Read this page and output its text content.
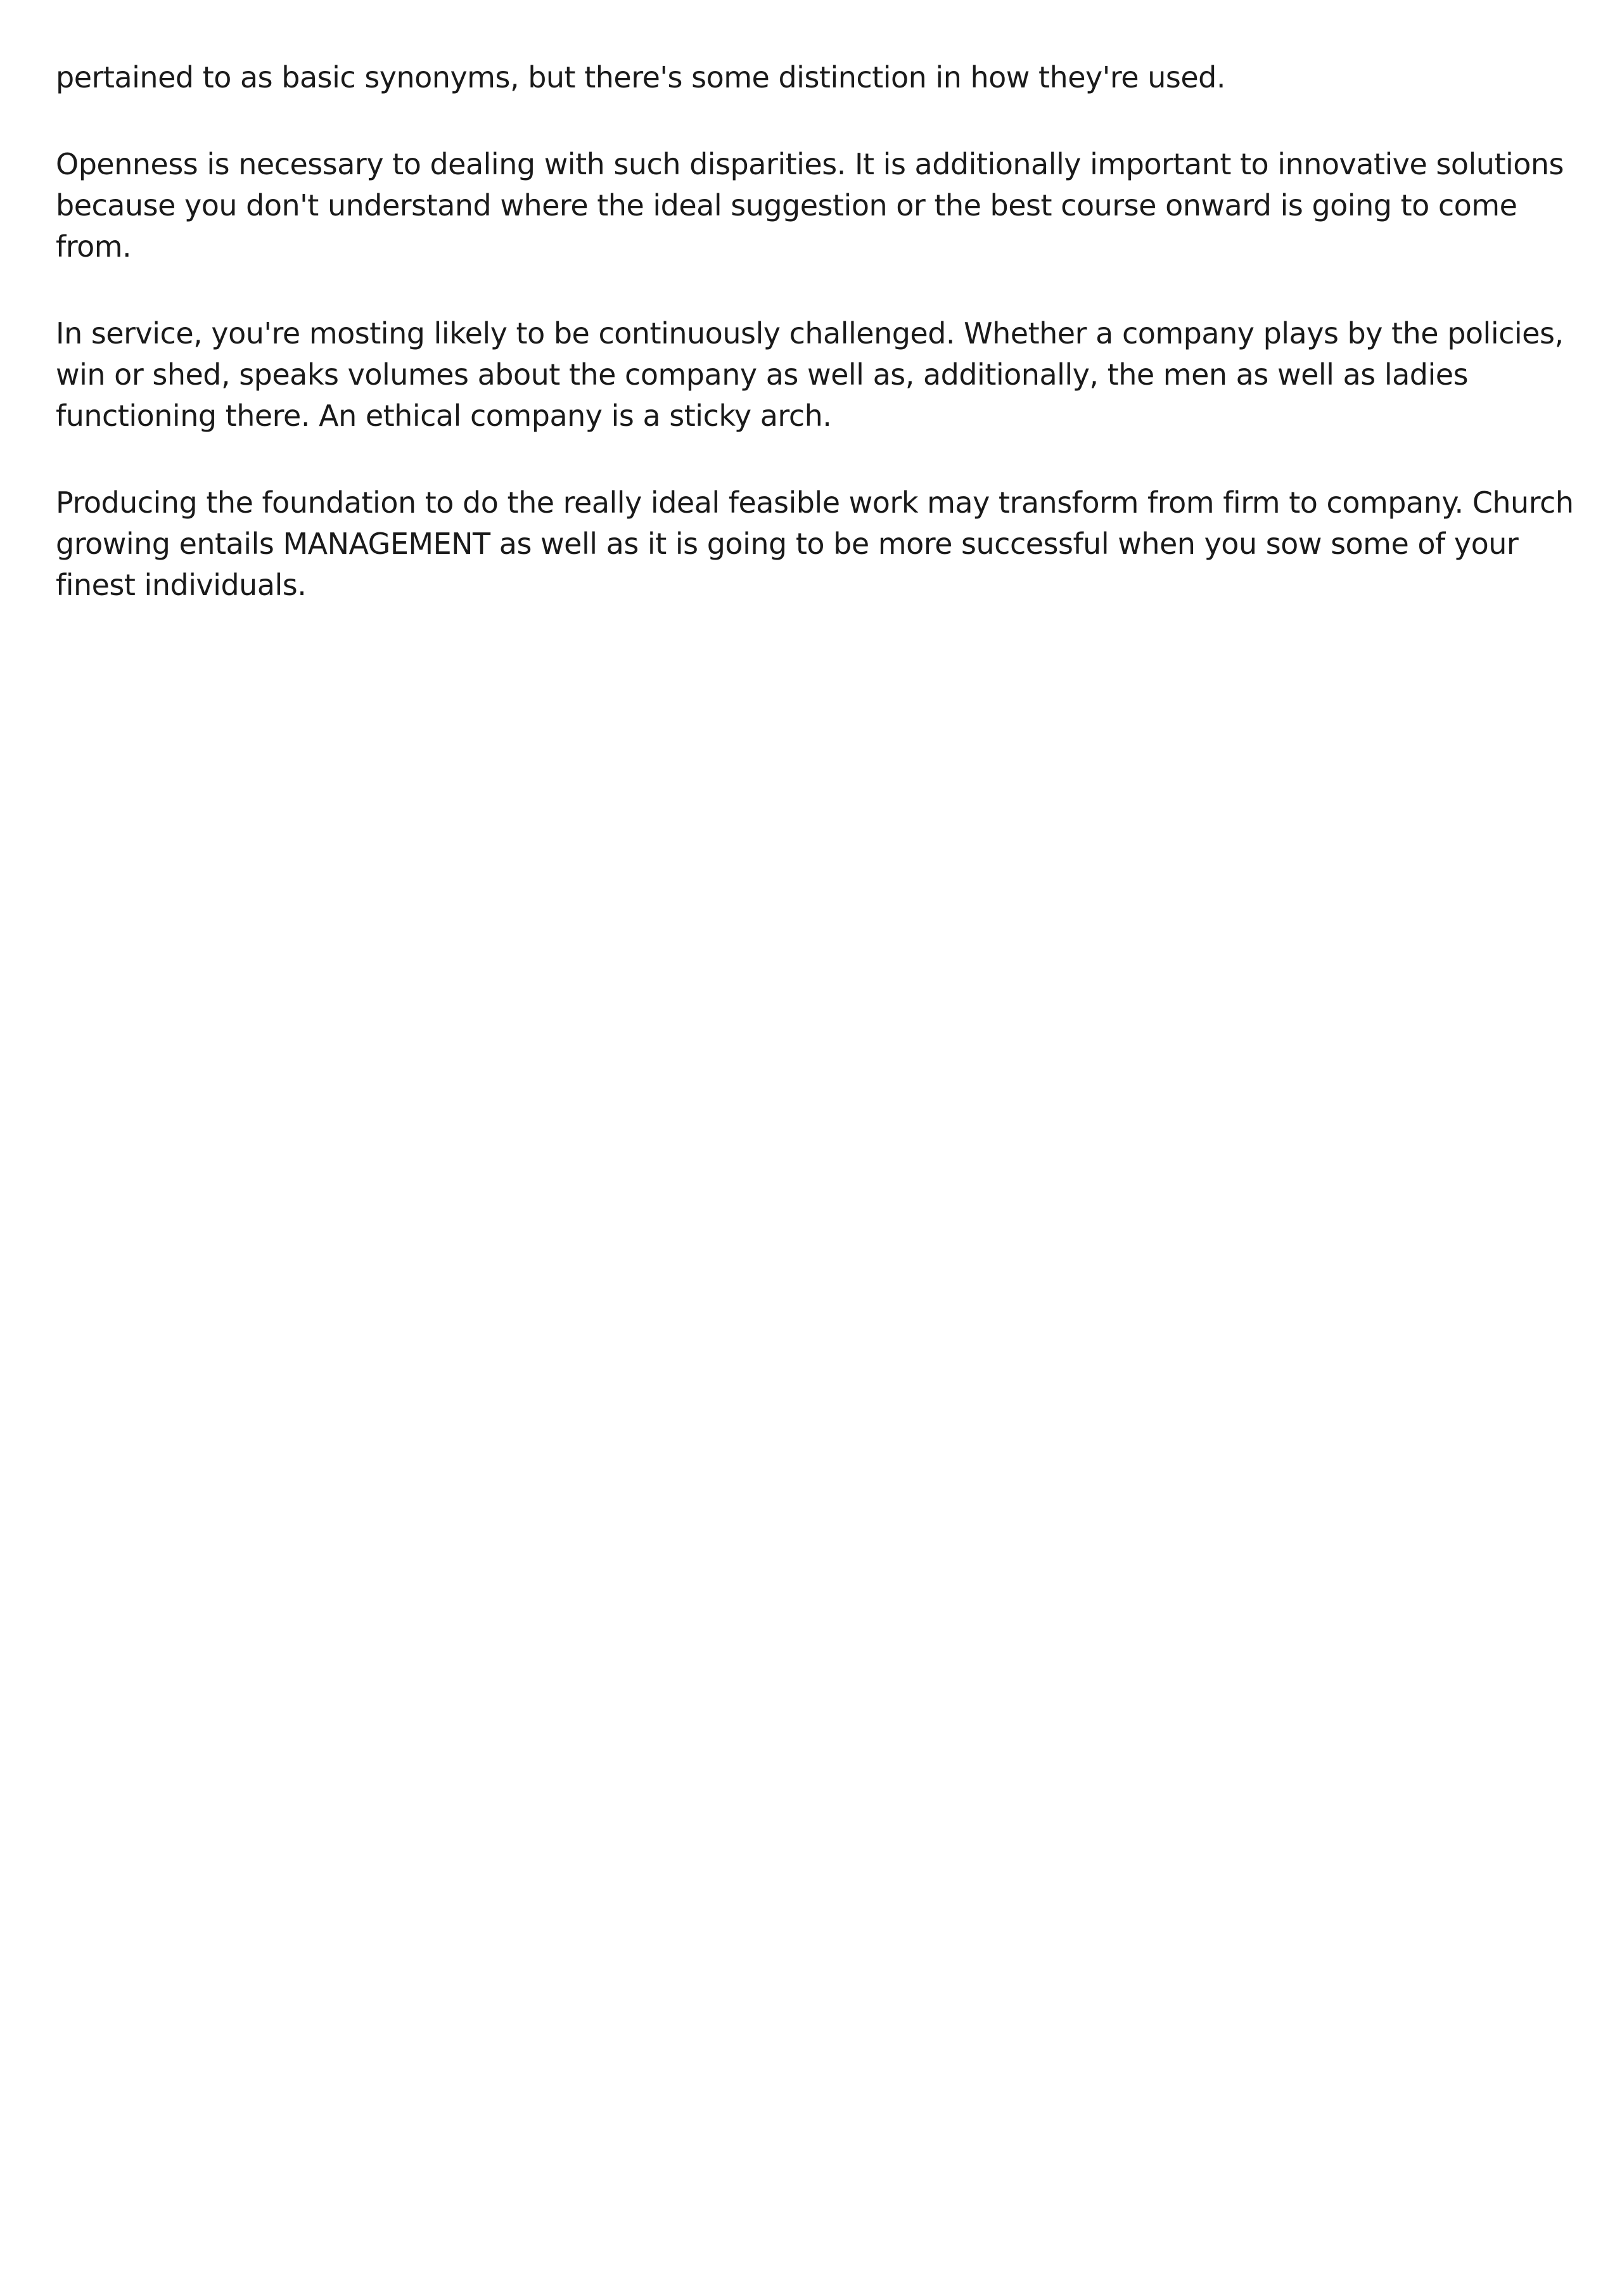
pertained to as basic synonyms, but there's some distinction in how they're used.

Openness is necessary to dealing with such disparities. It is additionally important to innovative solutions because you don't understand where the ideal suggestion or the best course onward is going to come from.

In service, you're mosting likely to be continuously challenged. Whether a company plays by the policies, win or shed, speaks volumes about the company as well as, additionally, the men as well as ladies functioning there. An ethical company is a sticky arch.

Producing the foundation to do the really ideal feasible work may transform from firm to company. Church growing entails MANAGEMENT as well as it is going to be more successful when you sow some of your finest individuals.
